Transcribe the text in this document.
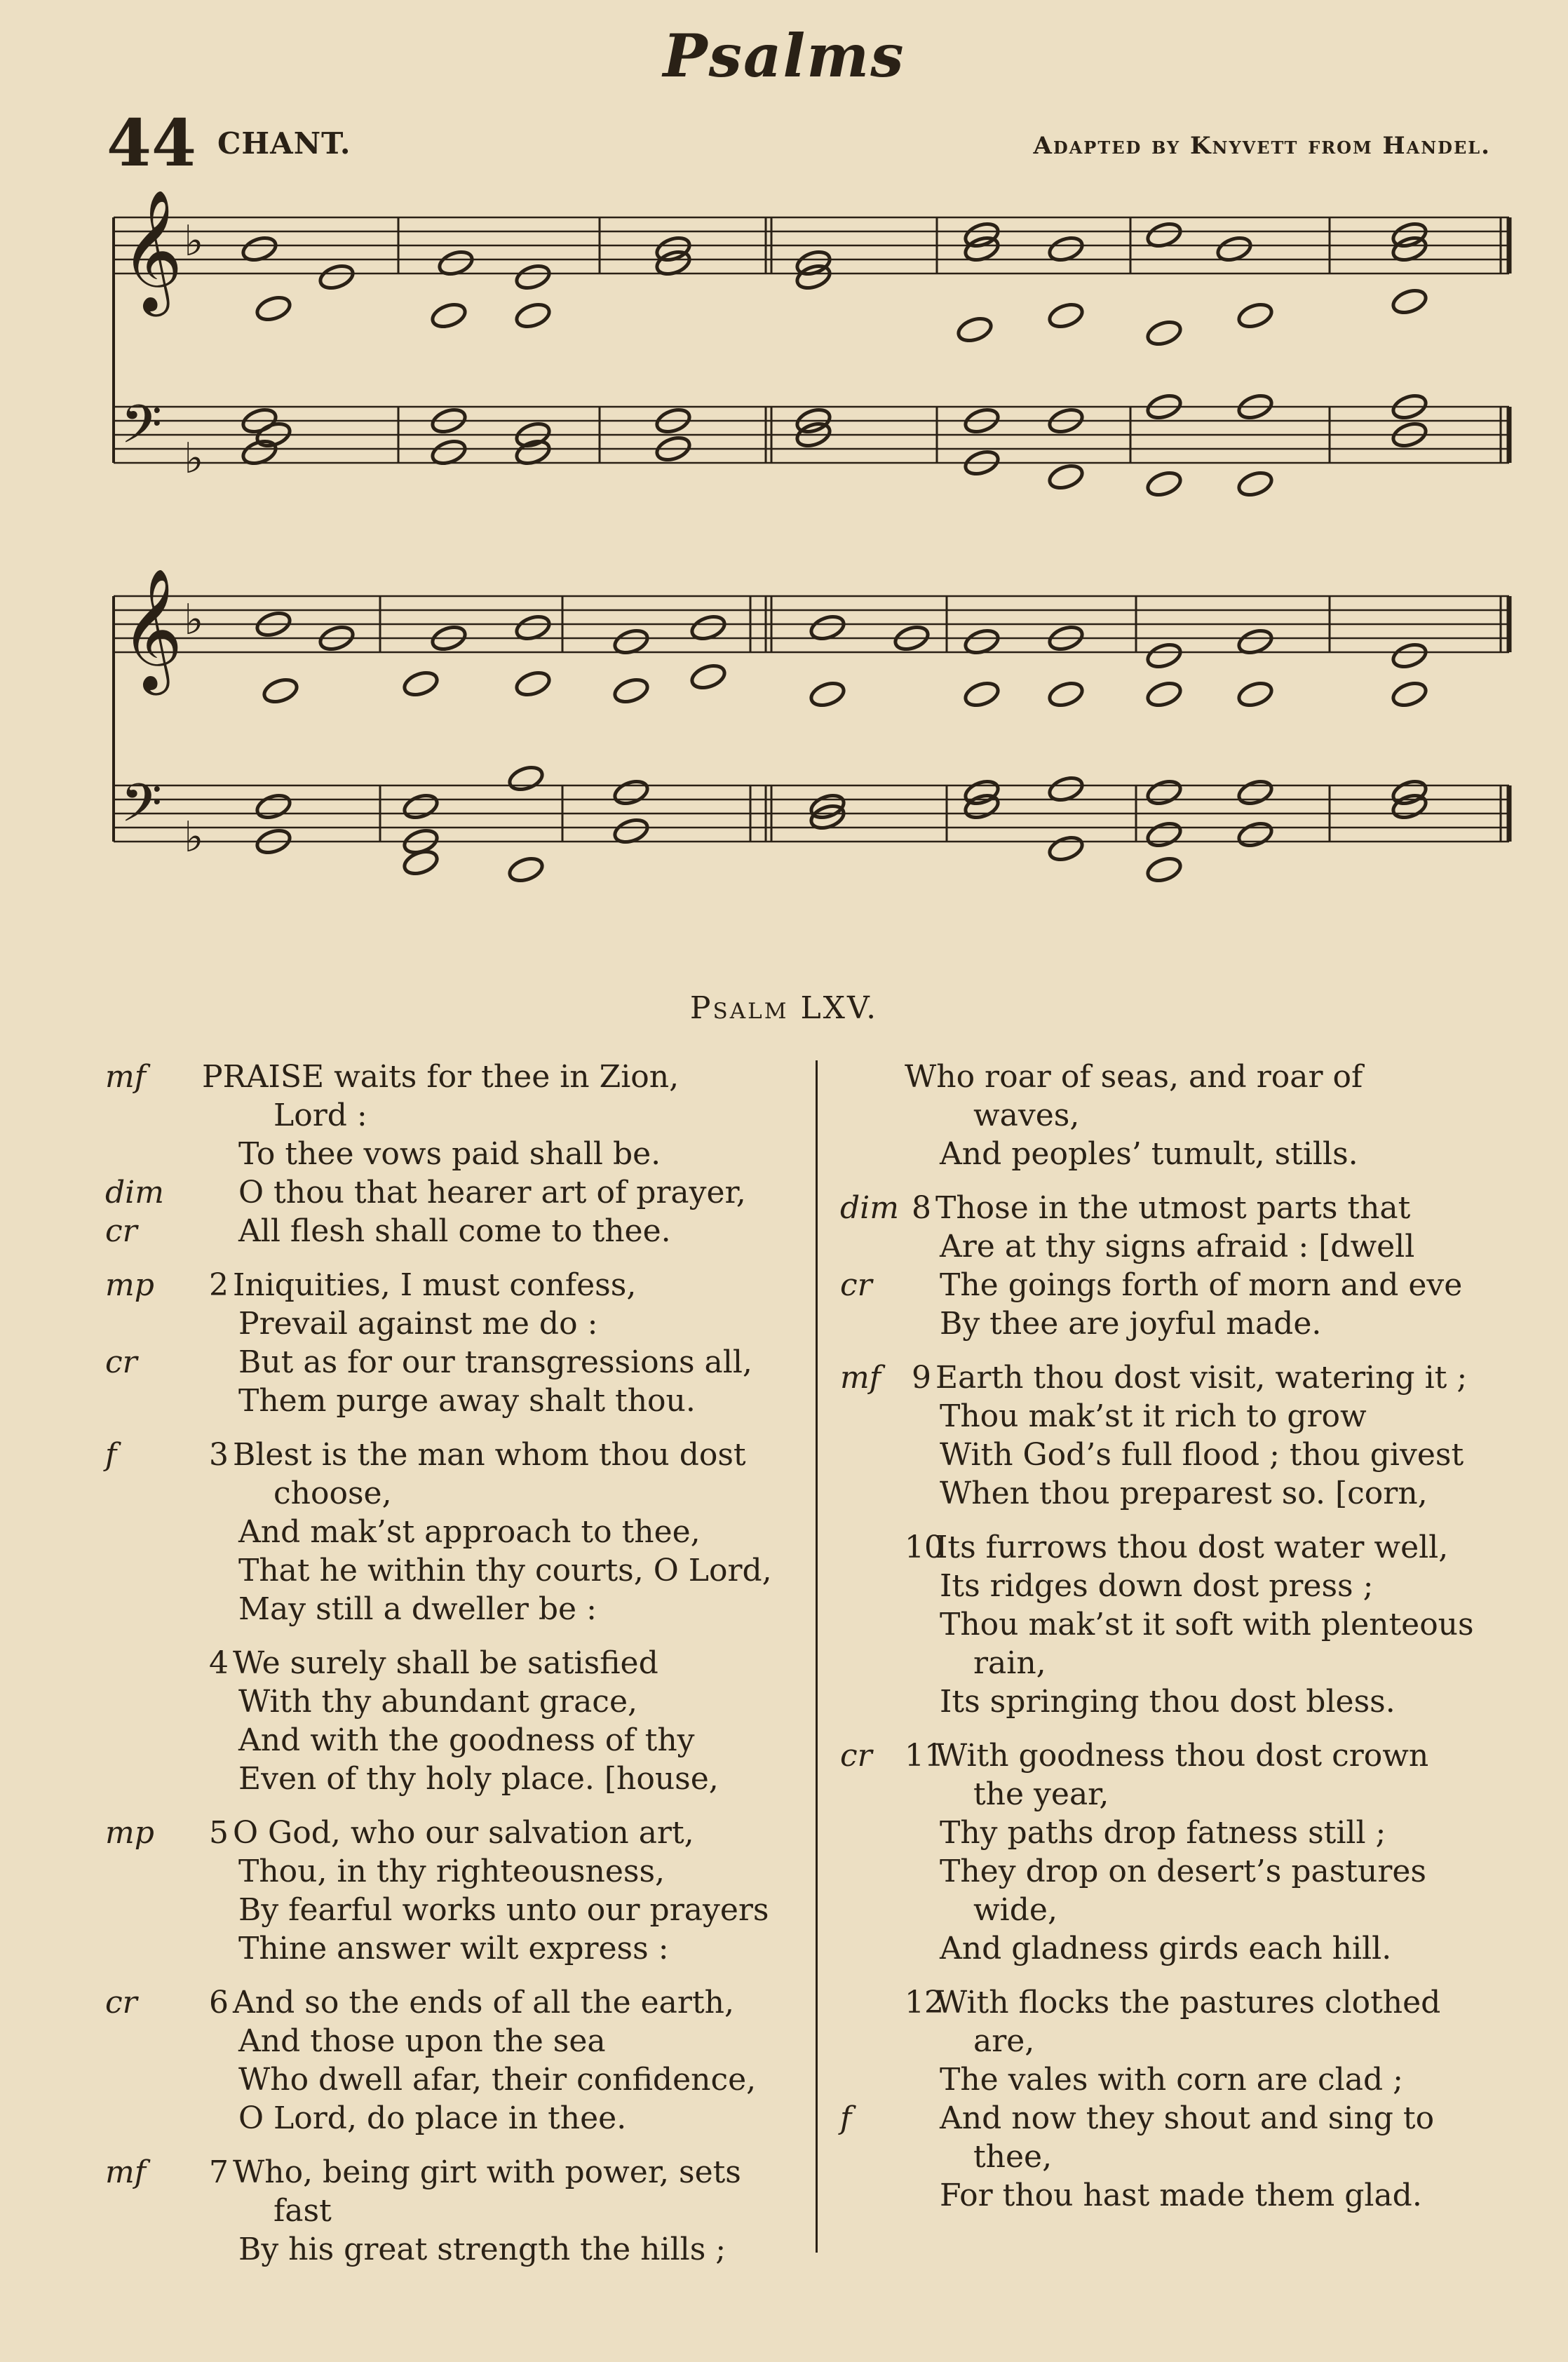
Psalms
44 CHANT.	Adapted by Knyvett from Handel.
𝄞 ♭
𝄢 ♭
𝄞 ♭
𝄢 ♭
Psalm LXV.
mf PRAISE waits for thee in Zion,
Lord :
To thee vows paid shall be.
dim O thou that hearer art of prayer,
cr	All flesh shall come to thee.
mp 2 Iniquities, I must confess,
Prevail against me do :
cr	But as for our transgressions all,
Them purge away shalt thou.
f	3 Blest is the man whom thou dost
choose,
And mak’st approach to thee,
That he within thy courts, O Lord,
May still a dweller be :
4 We surely shall be satisfied
With thy abundant grace,
And with the goodness of thy
Even of thy holy place. [house,
mp 5 O God, who our salvation art,
Thou, in thy righteousness,
By fearful works unto our prayers
Thine answer wilt express :
cr 6 And so the ends of all the earth,
And those upon the sea
Who dwell afar, their confidence,
O Lord, do place in thee.
mf 7 Who, being girt with power, sets
fast
By his great strength the hills ;
Who roar of seas, and roar of
waves,
And peoples’ tumult, stills.
dim 8 Those in the utmost parts that
Are at thy signs afraid : [dwell
cr The goings forth of morn and eve
By thee are joyful made.
mf 9 Earth thou dost visit, watering it ;
Thou mak’st it rich to grow
With God’s full flood ; thou givest
When thou preparest so. [corn,
10Its furrows thou dost water well,
Its ridges down dost press ;
Thou mak’st it soft with plenteous
rain,
Its springing thou dost bless.
cr 11With goodness thou dost crown
the year,
Thy paths drop fatness still ;
They drop on desert’s pastures
wide,
And gladness girds each hill.
12With flocks the pastures clothed
are,
The vales with corn are clad ;
f	And now they shout and sing to
thee,
For thou hast made them glad.
